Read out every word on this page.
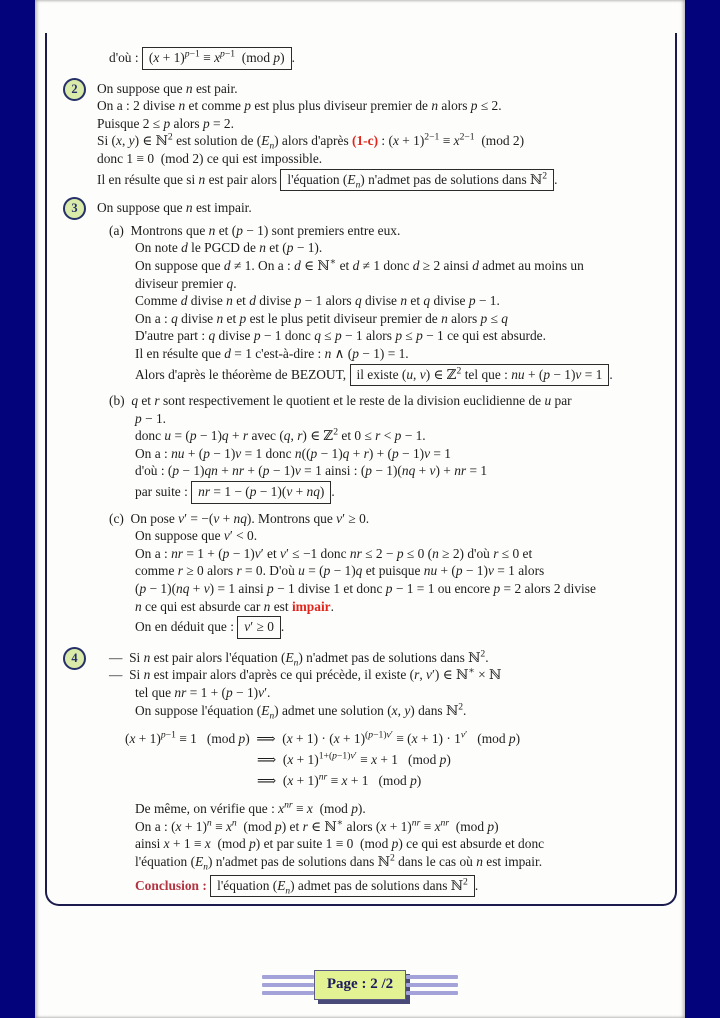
d'où : $(x + 1)^{p-1} \equiv x^{p-1}$  (mod p) .
2	On suppose que n est pair.
On a : 2 divise n et comme p est plus plus diviseur premier de n alors p ≤ 2.
Puisque 2 ≤ p alors p = 2.
Si (x, y) ∈ ℕ$^2$ est solution de $(E_n)$ alors d'après (1-c) : $(x + 1)^{2-1} \equiv x^{2-1}$  (mod 2)
donc 1 ≡ 0  (mod 2) ce qui est impossible.
Il en résulte que si n est pair alors l'équation $(E_n)$ n'admet pas de solutions dans ℕ$^2$ .
3	On suppose que n est impair.
(a)  Montrons que n et (p − 1) sont premiers entre eux.
On note d le PGCD de n et (p − 1).
On suppose que d ≠ 1. On a : d ∈ ℕ∗ et d ≠ 1 donc d ≥ 2 ainsi d admet au moins un
diviseur premier q.
Comme d divise n et d divise p − 1 alors q divise n et q divise p − 1.
On a : q divise n et p est le plus petit diviseur premier de n alors p ≤ q
D'autre part : q divise p − 1 donc q ≤ p − 1 alors p ≤ p − 1 ce qui est absurde.
Il en résulte que d = 1 c'est-à-dire : n ∧ (p − 1) = 1.
Alors d'après le théorème de BEZOUT, il existe (u, v) ∈ ℤ$^2$ tel que : nu + (p − 1)v = 1 .
(b)  q et r sont respectivement le quotient et le reste de la division euclidienne de u par
p − 1.
donc u = (p − 1)q + r avec (q, r) ∈ ℤ$^2$ et 0 ≤ r < p − 1.
On a : nu + (p − 1)v = 1 donc n((p − 1)q + r) + (p − 1)v = 1
d'où : (p − 1)qn + nr + (p − 1)v = 1 ainsi : (p − 1)(nq + v) + nr = 1
par suite : nr = 1 − (p − 1)(v + nq) .
(c)  On pose v′ = −(v + nq). Montrons que v′ ≥ 0.
On suppose que v′ < 0.
On a : nr = 1 + (p − 1)v′ et v′ ≤ −1 donc nr ≤ 2 − p ≤ 0 (n ≥ 2) d'où r ≤ 0 et
comme r ≥ 0 alors r = 0. D'où u = (p − 1)q et puisque nu + (p − 1)v = 1 alors
(p − 1)(nq + v) = 1 ainsi p − 1 divise 1 et donc p − 1 = 1 ou encore p = 2 alors 2 divise
n ce qui est absurde car n est impair.
On en déduit que : v′ ≥ 0 .
4	—  Si n est pair alors l'équation $(E_n)$ n'admet pas de solutions dans ℕ$^2$.
—  Si n est impair alors d'après ce qui précède, il existe (r, v′) ∈ ℕ∗ × ℕ
tel que nr = 1 + (p − 1)v′.
On suppose l'équation $(E_n)$ admet une solution (x, y) dans ℕ$^2$.
$(x + 1)^{p-1} \equiv 1$   (mod p)  ⟹  $(x + 1) \cdot (x + 1)^{(p-1)v'} \equiv (x + 1) \cdot 1^{v'}$   (mod p)
⟹  $(x + 1)^{1+(p-1)v'} \equiv x + 1$   (mod p)
⟹  $(x + 1)^{nr} \equiv x + 1$   (mod p)
De même, on vérifie que : $x^{nr} \equiv x$  (mod p).
On a : $(x + 1)^n \equiv x^n$  (mod p) et r ∈ ℕ∗ alors $(x + 1)^{nr} \equiv x^{nr}$  (mod p)
ainsi x + 1 ≡ x  (mod p) et par suite 1 ≡ 0  (mod p) ce qui est absurde et donc
l'équation $(E_n)$ n'admet pas de solutions dans ℕ$^2$ dans le cas où n est impair.
Conclusion : l'équation $(E_n)$ admet pas de solutions dans ℕ$^2$ .
Page : 2 /2
